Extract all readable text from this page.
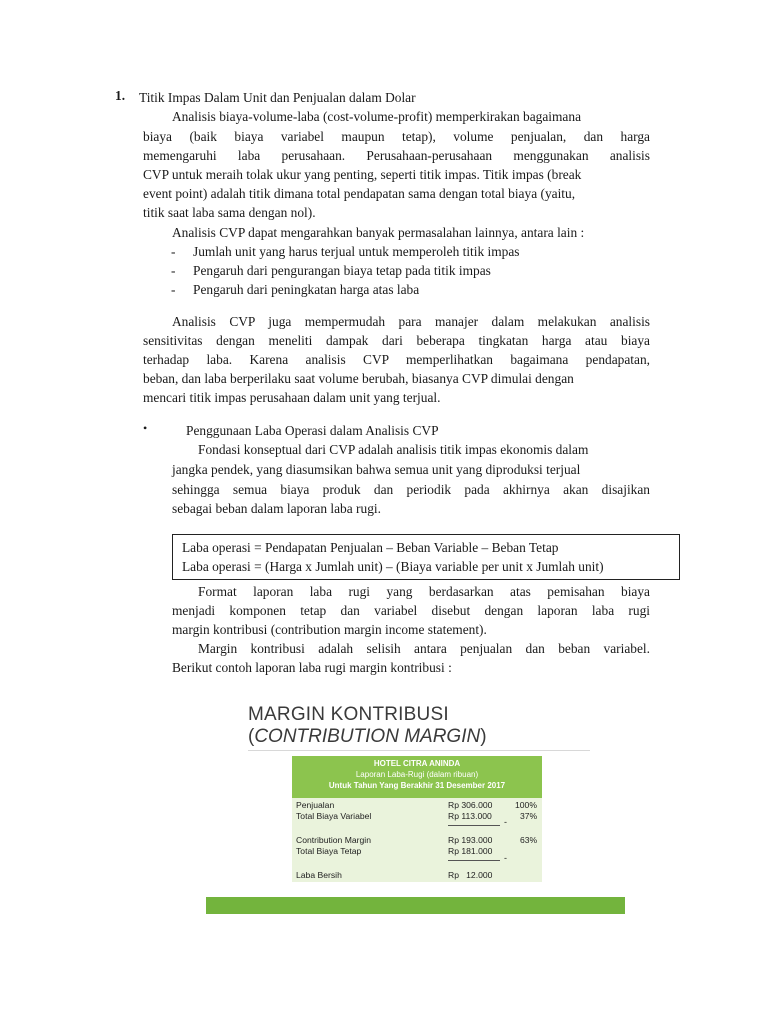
1. Titik Impas Dalam Unit dan Penjualan dalam Dolar
Analisis biaya-volume-laba (cost-volume-profit) memperkirakan bagaimana
biaya (baik biaya variabel maupun tetap), volume penjualan, dan harga
memengaruhi laba perusahaan. Perusahaan-perusahaan menggunakan analisis
CVP untuk meraih tolak ukur yang penting, seperti titik impas. Titik impas (break
event point) adalah titik dimana total pendapatan sama dengan total biaya (yaitu,
titik saat laba sama dengan nol).
Analisis CVP dapat mengarahkan banyak permasalahan lainnya, antara lain :
- Jumlah unit yang harus terjual untuk memperoleh titik impas
- Pengaruh dari pengurangan biaya tetap pada titik impas
- Pengaruh dari peningkatan harga atas laba
Analisis CVP juga mempermudah para manajer dalam melakukan analisis
sensitivitas dengan meneliti dampak dari beberapa tingkatan harga atau biaya
terhadap laba. Karena analisis CVP memperlihatkan bagaimana pendapatan,
beban, dan laba berperilaku saat volume berubah, biasanya CVP dimulai dengan
mencari titik impas perusahaan dalam unit yang terjual.
•	Penggunaan Laba Operasi dalam Analisis CVP
Fondasi konseptual dari CVP adalah analisis titik impas ekonomis dalam
jangka pendek, yang diasumsikan bahwa semua unit yang diproduksi terjual
sehingga semua biaya produk dan periodik pada akhirnya akan disajikan
sebagai beban dalam laporan laba rugi.
Laba operasi = Pendapatan Penjualan – Beban Variable – Beban Tetap
Laba operasi = (Harga x Jumlah unit) – (Biaya variable per unit x Jumlah unit)
Format laporan laba rugi yang berdasarkan atas pemisahan biaya
menjadi komponen tetap dan variabel disebut dengan laporan laba rugi
margin kontribusi (contribution margin income statement).
Margin kontribusi adalah selisih antara penjualan dan beban variabel.
Berikut contoh laporan laba rugi margin kontribusi :
MARGIN KONTRIBUSI
(CONTRIBUTION MARGIN)
HOTEL CITRA ANINDA
Laporan Laba-Rugi (dalam ribuan)
Untuk Tahun Yang Berakhir 31 Desember 2017
Penjualan	Rp 306.000	100%
Total Biaya Variabel	Rp 113.000	37%
-
Contribution Margin	Rp 193.000	63%
Total Biaya Tetap	Rp 181.000
-
Laba Bersih	Rp   12.000
